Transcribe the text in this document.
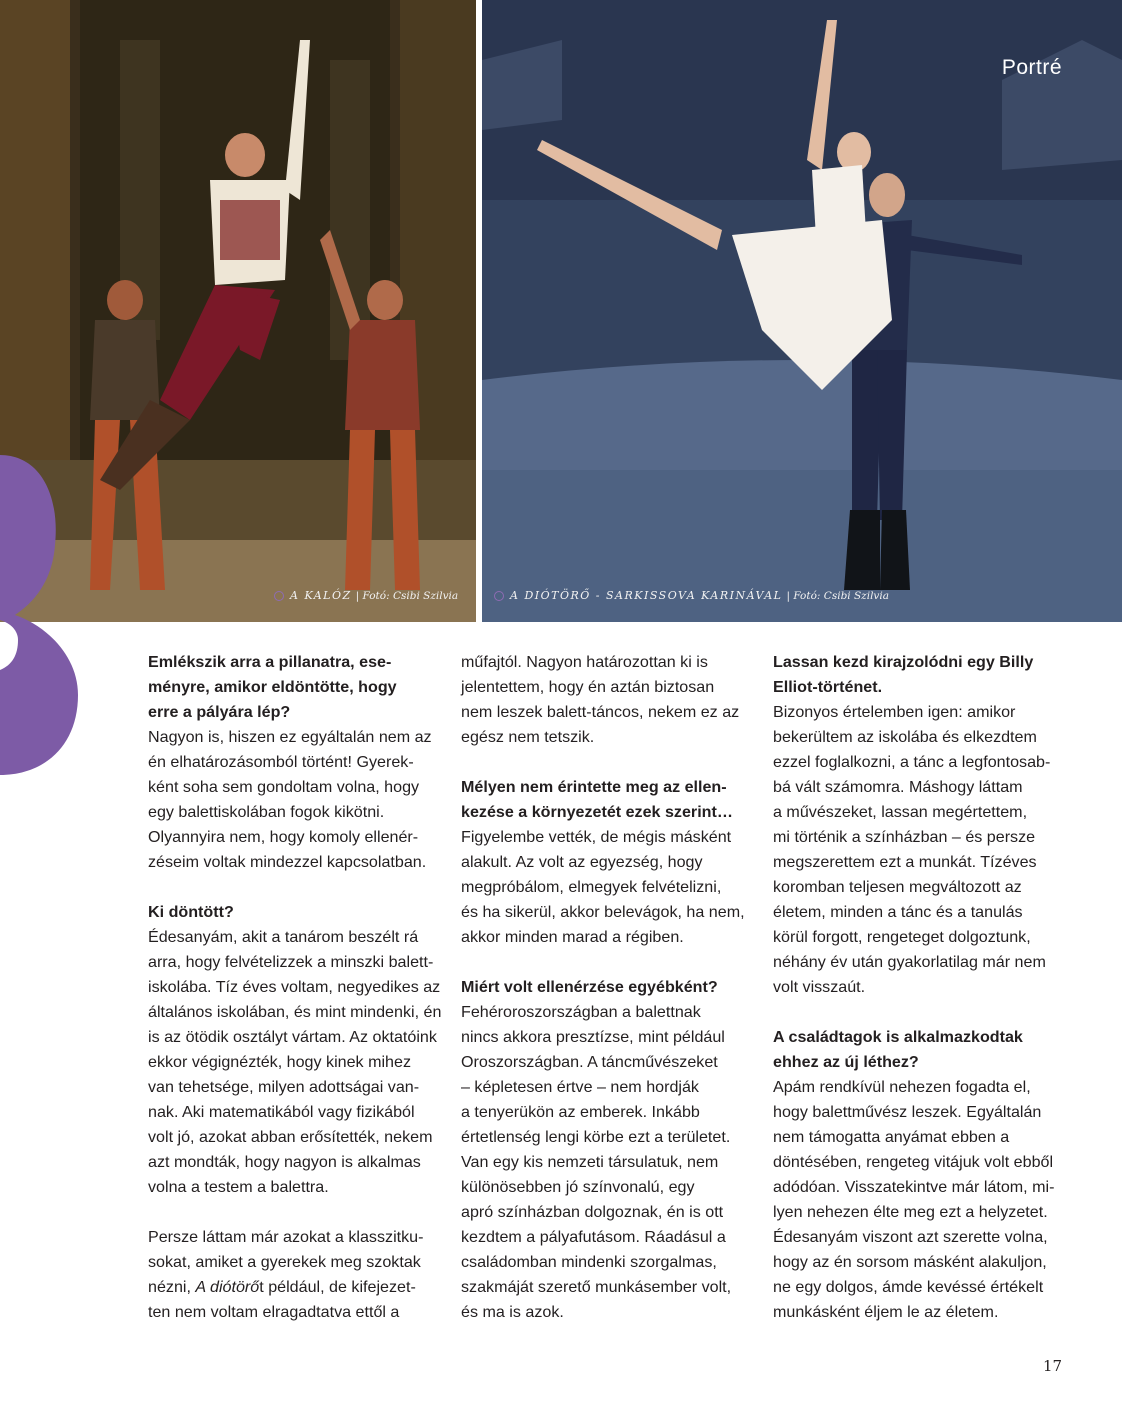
A KALÓZ | Fotó: Csibi Szilvia	A DIÓTÖRŐ - SARKISSOVA KARINÁVAL | Fotó: Csibi Szilvia
Portré

Emlékszik arra a pillanatra, ese-
ményre, amikor eldöntötte, hogy
erre a pályára lép?
Nagyon is, hiszen ez egyáltalán nem az
én elhatározásomból történt! Gyerek-
ként soha sem gondoltam volna, hogy
egy balettiskolában fogok kikötni.
Olyannyira nem, hogy komoly ellenér-
zéseim voltak mindezzel kapcsolatban.

Ki döntött?
Édesanyám, akit a tanárom beszélt rá
arra, hogy felvételizzek a minszki balett-
iskolába. Tíz éves voltam, negyedikes az
általános iskolában, és mint mindenki, én
is az ötödik osztályt vártam. Az oktatóink
ekkor végignézték, hogy kinek mihez
van tehetsége, milyen adottságai van-
nak. Aki matematikából vagy fizikából
volt jó, azokat abban erősítették, nekem
azt mondták, hogy nagyon is alkalmas
volna a testem a balettra.

Persze láttam már azokat a klasszitku-
sokat, amiket a gyerekek meg szoktak
nézni, A diótörőt például, de kifejezet-
ten nem voltam elragadtatva ettől a

műfajtól. Nagyon határozottan ki is
jelentettem, hogy én aztán biztosan
nem leszek balett-táncos, nekem ez az
egész nem tetszik.

Mélyen nem érintette meg az ellen-
kezése a környezetét ezek szerint…
Figyelembe vették, de mégis másként
alakult. Az volt az egyezség, hogy
megpróbálom, elmegyek felvételizni,
és ha sikerül, akkor belevágok, ha nem,
akkor minden marad a régiben.

Miért volt ellenérzése egyébként?
Fehéroroszországban a balettnak
nincs akkora presztízse, mint például
Oroszországban. A táncművészeket
– képletesen értve – nem hordják
a tenyerükön az emberek. Inkább
értetlenség lengi körbe ezt a területet.
Van egy kis nemzeti társulatuk, nem
különösebben jó színvonalú, egy
apró színházban dolgoznak, én is ott
kezdtem a pályafutásom. Ráadásul a
családomban mindenki szorgalmas,
szakmáját szerető munkásember volt,
és ma is azok.

Lassan kezd kirajzolódni egy Billy
Elliot-történet.
Bizonyos értelemben igen: amikor
bekerültem az iskolába és elkezdtem
ezzel foglalkozni, a tánc a legfontosab-
bá vált számomra. Máshogy láttam
a művészeket, lassan megértettem,
mi történik a színházban – és persze
megszerettem ezt a munkát. Tízéves
koromban teljesen megváltozott az
életem, minden a tánc és a tanulás
körül forgott, rengeteget dolgoztunk,
néhány év után gyakorlatilag már nem
volt visszaút.

A családtagok is alkalmazkodtak
ehhez az új léthez?
Apám rendkívül nehezen fogadta el,
hogy balettművész leszek. Egyáltalán
nem támogatta anyámat ebben a
döntésében, rengeteg vitájuk volt ebből
adódóan. Visszatekintve már látom, mi-
lyen nehezen élte meg ezt a helyzetet.
Édesanyám viszont azt szerette volna,
hogy az én sorsom másként alakuljon,
ne egy dolgos, ámde kevéssé értékelt
munkásként éljem le az életem.

17
